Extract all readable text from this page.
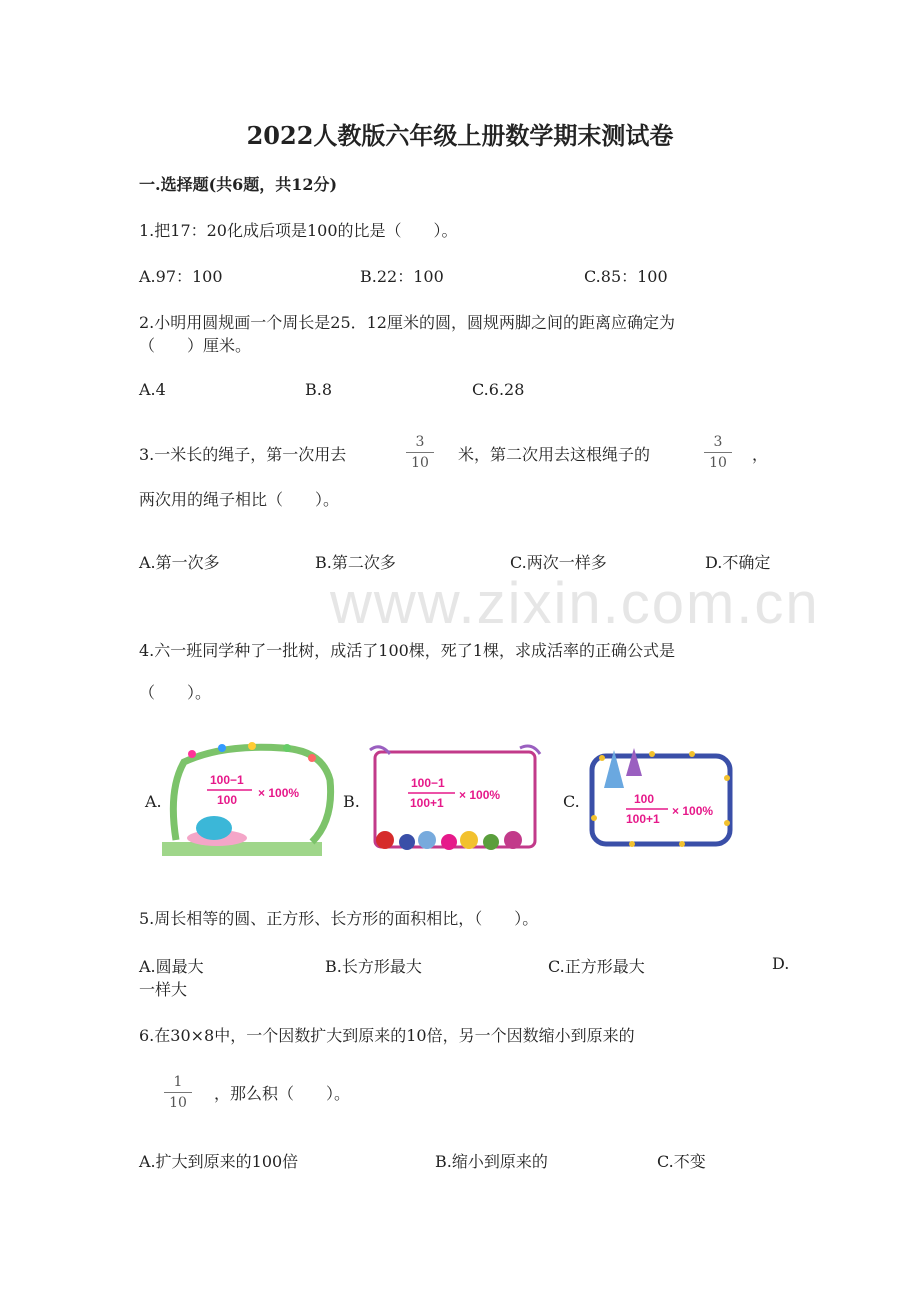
www.zixin.com.cn
2022人教版六年级上册数学期末测试卷
一.选择题(共6题，共12分)
1.把17：20化成后项是100的比是（　　）。
A.97：100	B.22：100	C.85：100
2.小明用圆规画一个周长是25．12厘米的圆，圆规两脚之间的距离应确定为
（　　）厘米。
A.4	B.8	C.6.28
3.一米长的绳子，第一次用去
3
10	米，第二次用去这根绳子的
3
10	，
两次用的绳子相比（　　）。
A.第一次多	B.第二次多	C.两次一样多	D.不确定
4.六一班同学种了一批树，成活了100棵，死了1棵，求成活率的正确公式是
（　　）。
A.
100−1
100 × 100%	B.
100−1
100+1
× 100%	C.	100
100+1
× 100%
5.周长相等的圆、正方形、长方形的面积相比，（　　）。
A.圆最大	B.长方形最大	C.正方形最大	D.
一样大
6.在30×8中，一个因数扩大到原来的10倍，另一个因数缩小到原来的
1
10	，那么积（　　）。
A.扩大到原来的100倍	B.缩小到原来的	C.不变
